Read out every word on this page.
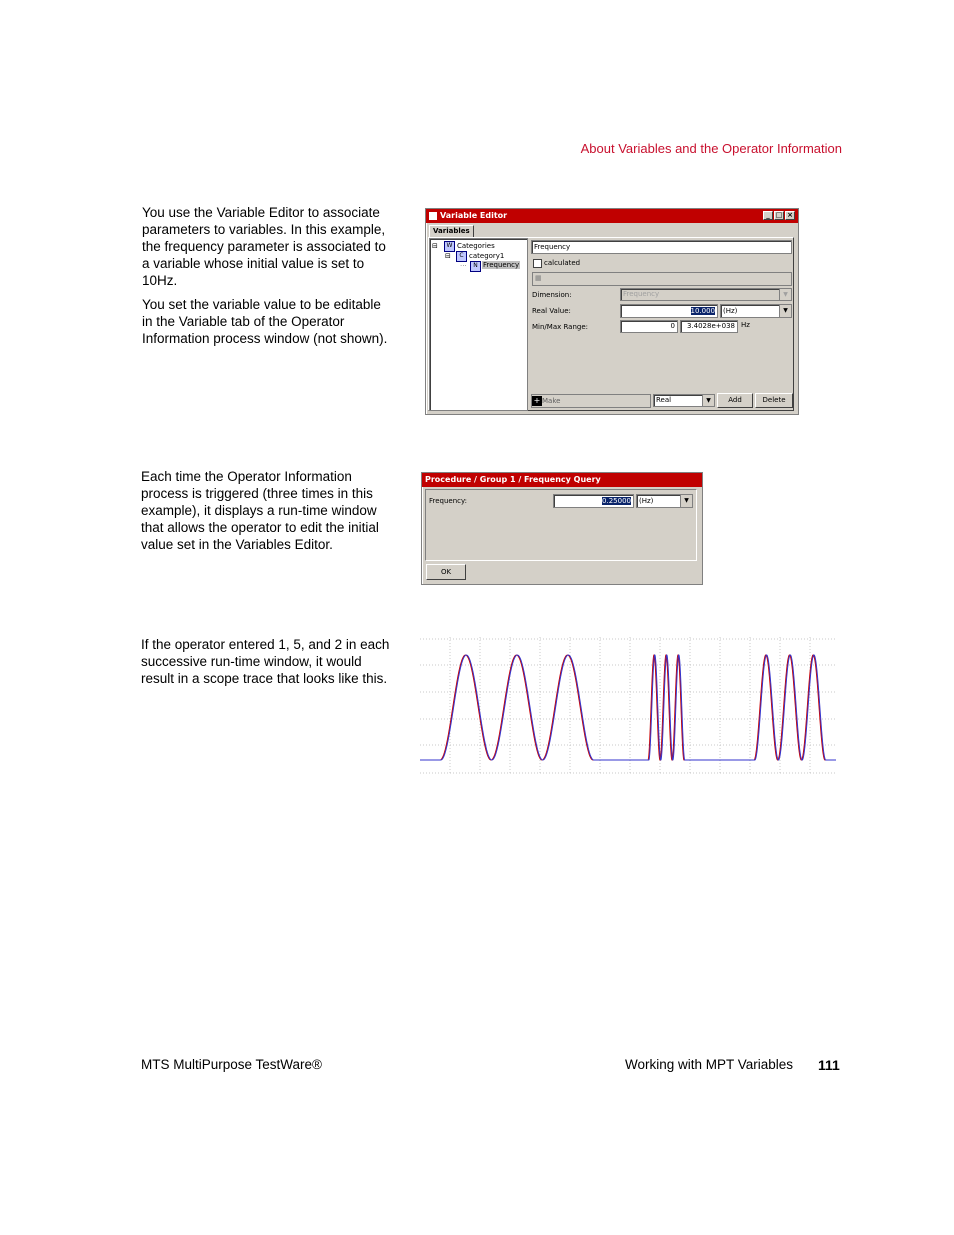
About Variables and the Operator Information

You use the Variable Editor to associate parameters to variables. In this example, the frequency parameter is associated to a variable whose initial value is set to 10Hz.

You set the variable value to be editable in the Variable tab of the Operator Information process window (not shown).

Variable Editor	_ □ ×
Variables
⊟	W Categories
⊟	C category1
···	N Frequency
Frequency
calculated
▦
Dimension:	Frequency	▼
Real Value:	10.000	(Hz)	▼
Min/Max Range:	0	3.4028e+038 Hz
+ Make	Real	▼	Add	Delete

Each time the Operator Information process is triggered (three times in this example), it displays a run-time window that allows the operator to edit the initial value set in the Variables Editor.

Procedure / Group 1 / Frequency Query
Frequency:	0.25000	(Hz)	▼
OK

If the operator entered 1, 5, and 2 in each successive run-time window, it would result in a scope trace that looks like this.

MTS MultiPurpose TestWare®	Working with MPT Variables 111
